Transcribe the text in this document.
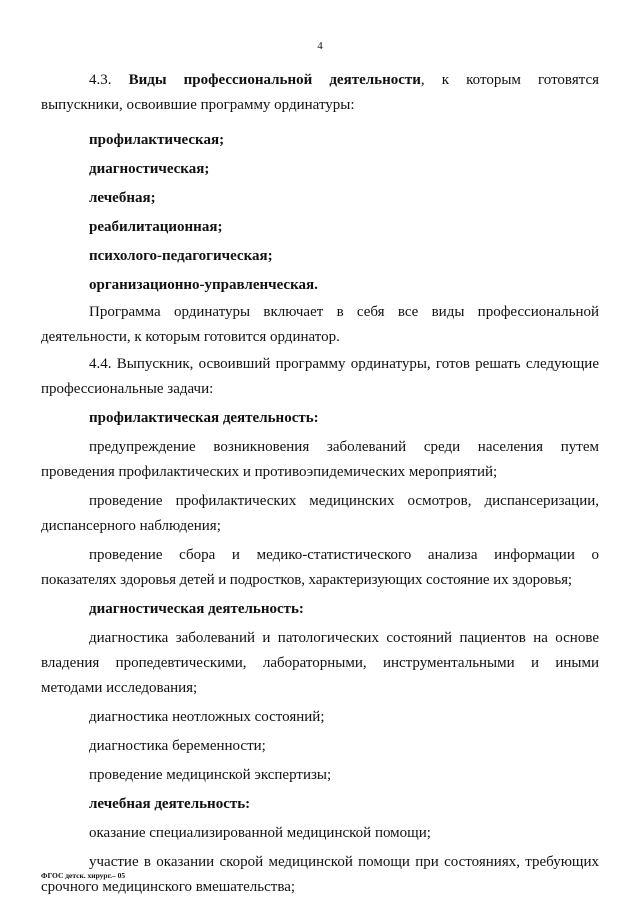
4

4.3. Виды профессиональной деятельности, к которым готовятся

выпускники, освоившие программу ординатуры:

профилактическая;

диагностическая;

лечебная;

реабилитационная;

психолого-педагогическая;

организационно-управленческая.

Программа ординатуры включает в себя все виды профессиональной

деятельности, к которым готовится ординатор.

4.4. Выпускник, освоивший программу ординатуры, готов решать следующие

профессиональные задачи:

профилактическая деятельность:

предупреждение возникновения заболеваний среди населения путем

проведения профилактических и противоэпидемических мероприятий;

проведение профилактических медицинских осмотров, диспансеризации,

диспансерного наблюдения;

проведение сбора и медико-статистического анализа информации о

показателях здоровья детей и подростков, характеризующих состояние их здоровья;

диагностическая деятельность:

диагностика заболеваний и патологических состояний пациентов на основе

владения пропедевтическими, лабораторными, инструментальными и иными

методами исследования;

диагностика неотложных состояний;

диагностика беременности;

проведение медицинской экспертизы;

лечебная деятельность:

оказание специализированной медицинской помощи;

участие в оказании скорой медицинской помощи при состояниях, требующих

срочного медицинского вмешательства;

ФГОС детск. хирург.– 05
